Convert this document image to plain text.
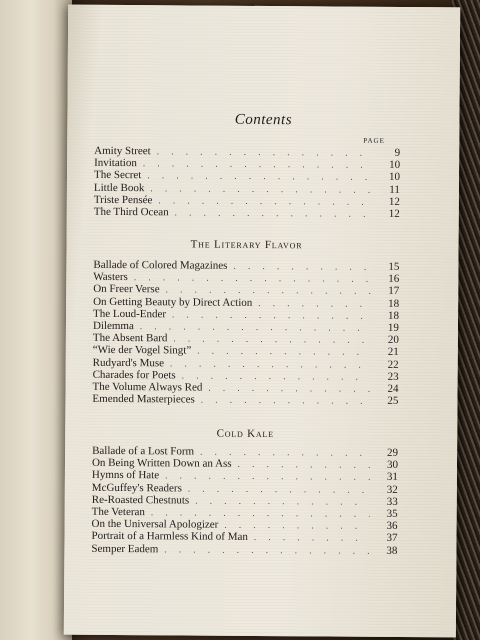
Contents
PAGE
Amity Street . . .	9
Invitation . . .	10
The Secret . . .	10
Little Book . . .	11
Triste Pensée . . .	12
The Third Ocean . . .	12
The Literary Flavor
Ballade of Colored Magazines . . .	15
Wasters . . .	16
On Freer Verse . . .	17
On Getting Beauty by Direct Action . . .	18
The Loud-Ender . . .	18
Dilemma . . .	19
The Absent Bard . . .	20
“Wie der Vogel Singt” . . .	21
Rudyard's Muse . . .	22
Charades for Poets . . .	23
The Volume Always Red . . .	24
Emended Masterpieces . . .	25
Cold Kale
Ballade of a Lost Form . . .	29
On Being Written Down an Ass . . .	30
Hymns of Hate . . .	31
McGuffey's Readers . . .	32
Re-Roasted Chestnuts . . .	33
The Veteran . . .	35
On the Universal Apologizer . . .	36
Portrait of a Harmless Kind of Man . . .	37
Semper Eadem . . .	38
